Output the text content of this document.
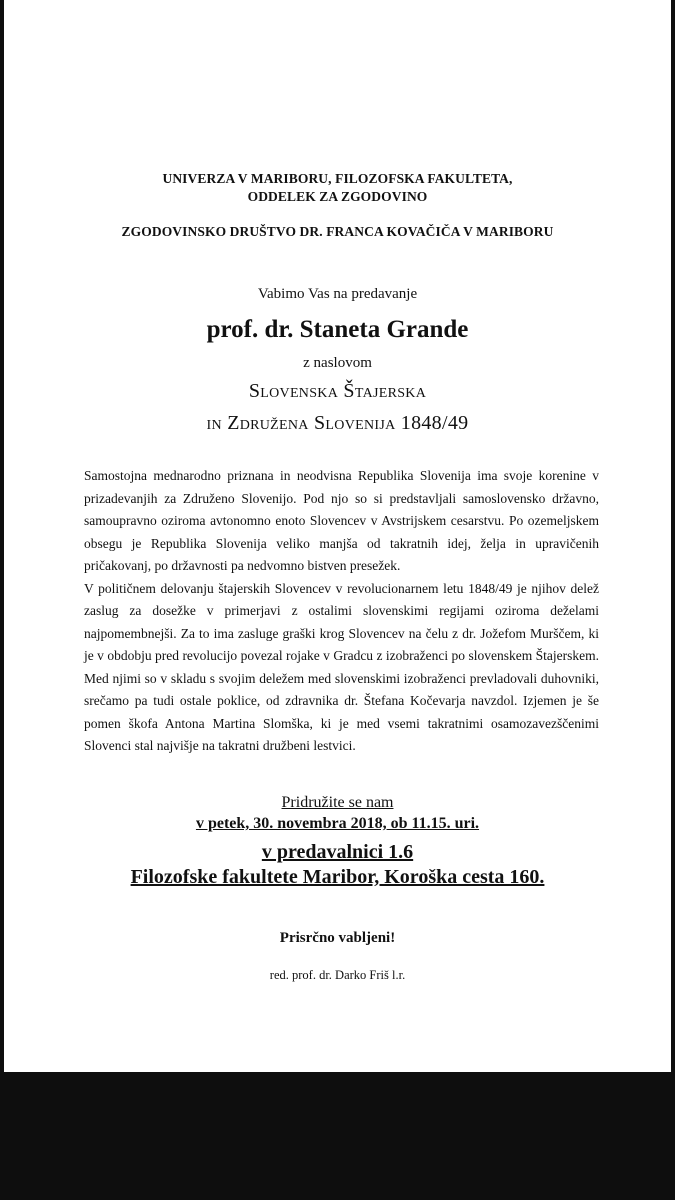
UNIVERZA V MARIBORU, FILOZOFSKA FAKULTETA,
ODDELEK ZA ZGODOVINO
ZGODOVINSKO DRUŠTVO DR. FRANCA KOVAČIČA V MARIBORU
Vabimo Vas na predavanje
prof. dr. Staneta Grande
z naslovom
Slovenska Štajerska
in Združena Slovenija 1848/49

Samostojna mednarodno priznana in neodvisna Republika Slovenija ima svoje korenine v prizadevanjih za Združeno Slovenijo. Pod njo so si predstavljali samoslovensko državno, samoupravno oziroma avtonomno enoto Slovencev v Avstrijskem cesarstvu. Po ozemeljskem obsegu je Republika Slovenija veliko manjša od takratnih idej, želja in upravičenih pričakovanj, po državnosti pa nedvomno bistven presežek.

V političnem delovanju štajerskih Slovencev v revolucionarnem letu 1848/49 je njihov delež zaslug za dosežke v primerjavi z ostalimi slovenskimi regijami oziroma deželami najpomembnejši. Za to ima zasluge graški krog Slovencev na čelu z dr. Jožefom Murščem, ki je v obdobju pred revolucijo povezal rojake v Gradcu z izobraženci po slovenskem Štajerskem. Med njimi so v skladu s svojim deležem med slovenskimi izobraženci prevladovali duhovniki, srečamo pa tudi ostale poklice, od zdravnika dr. Štefana Kočevarja navzdol. Izjemen je še pomen škofa Antona Martina Slomška, ki je med vsemi takratnimi osamozavezščenimi Slovenci stal najvišje na takratni družbeni lestvici.

Pridružite se nam
v petek, 30. novembra 2018, ob 11.15. uri.
v predavalnici 1.6
Filozofske fakultete Maribor, Koroška cesta 160.
Prisrčno vabljeni!
red. prof. dr. Darko Friš l.r.
